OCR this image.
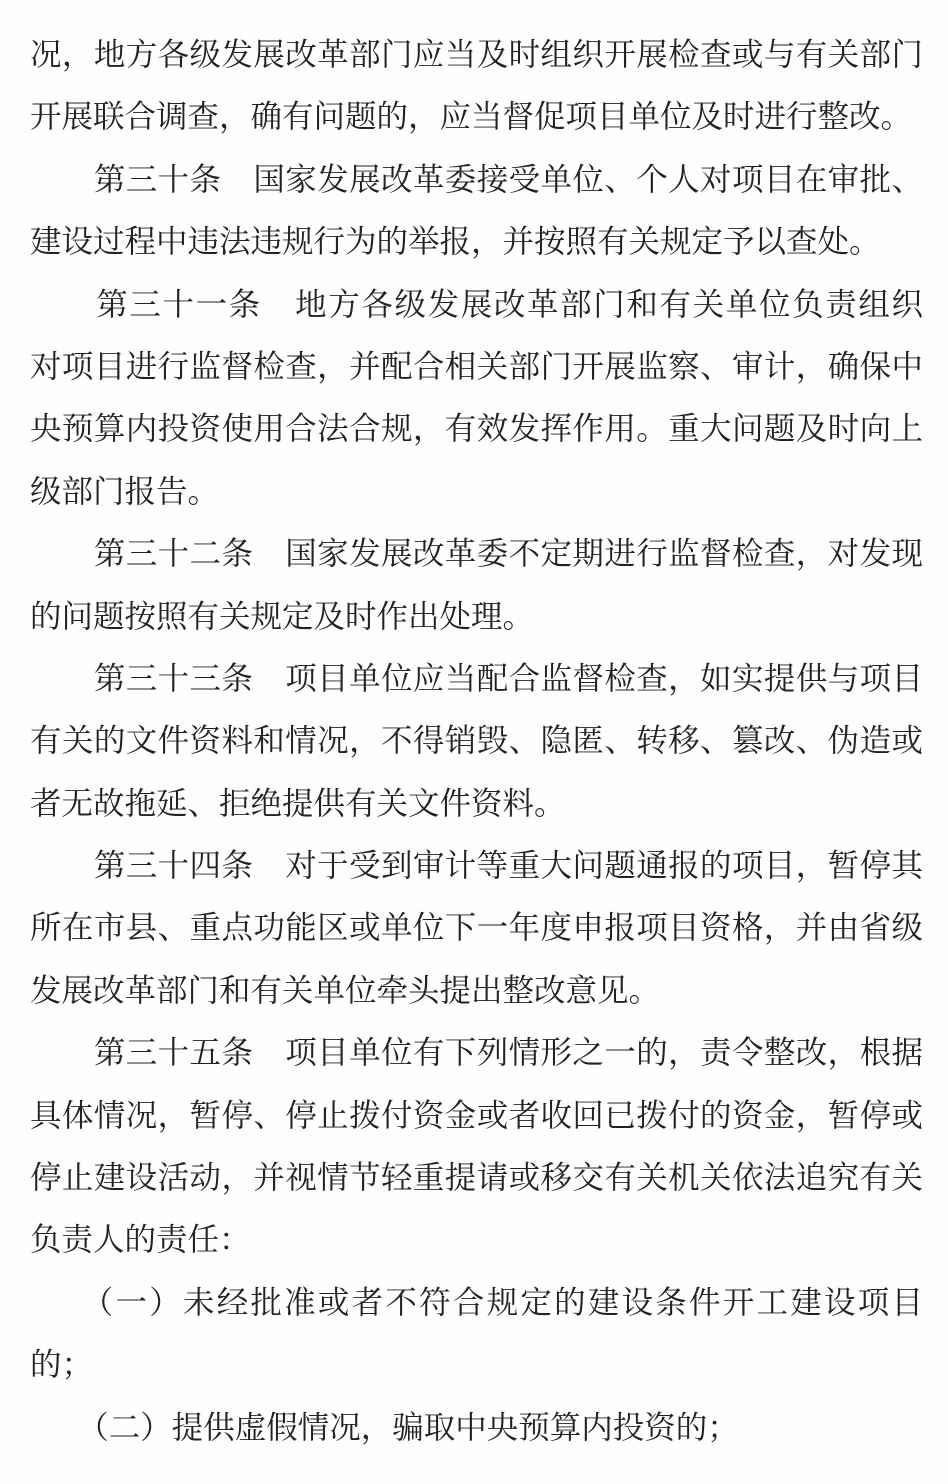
况，地方各级发展改革部门应当及时组织开展检查或与有关部门
开展联合调查，确有问题的，应当督促项目单位及时进行整改。
　　第三十条　国家发展改革委接受单位、个人对项目在审批、
建设过程中违法违规行为的举报，并按照有关规定予以查处。
　　第三十一条　地方各级发展改革部门和有关单位负责组织
对项目进行监督检查，并配合相关部门开展监察、审计，确保中
央预算内投资使用合法合规，有效发挥作用。重大问题及时向上
级部门报告。
　　第三十二条　国家发展改革委不定期进行监督检查，对发现
的问题按照有关规定及时作出处理。
　　第三十三条　项目单位应当配合监督检查，如实提供与项目
有关的文件资料和情况，不得销毁、隐匿、转移、篡改、伪造或
者无故拖延、拒绝提供有关文件资料。
　　第三十四条　对于受到审计等重大问题通报的项目，暂停其
所在市县、重点功能区或单位下一年度申报项目资格，并由省级
发展改革部门和有关单位牵头提出整改意见。
　　第三十五条　项目单位有下列情形之一的，责令整改，根据
具体情况，暂停、停止拨付资金或者收回已拨付的资金，暂停或
停止建设活动，并视情节轻重提请或移交有关机关依法追究有关
负责人的责任：
　　（一）未经批准或者不符合规定的建设条件开工建设项目
的；
　　（二）提供虚假情况，骗取中央预算内投资的；
